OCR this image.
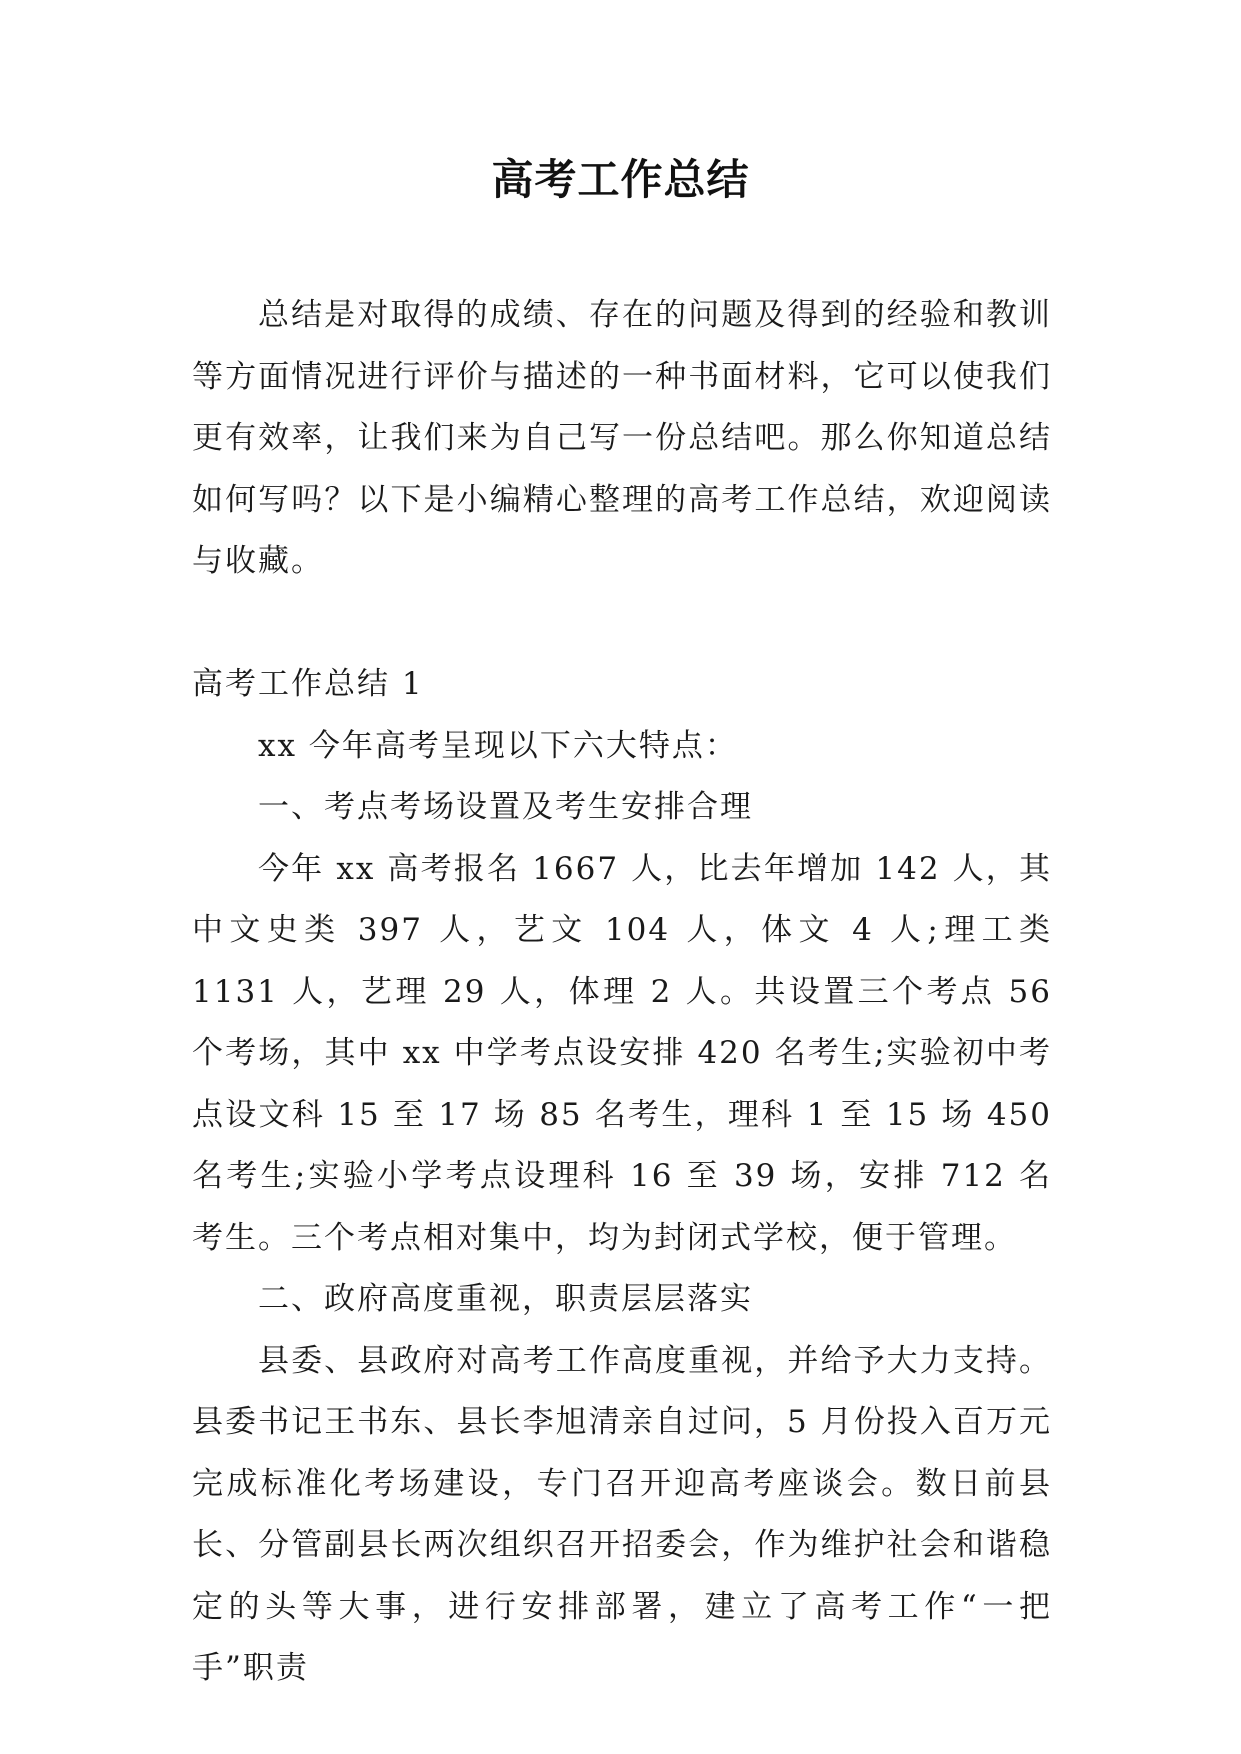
高考工作总结

总结是对取得的成绩、存在的问题及得到的经验和教训等方面情况进行评价与描述的一种书面材料，它可以使我们更有效率，让我们来为自己写一份总结吧。那么你知道总结如何写吗？以下是小编精心整理的高考工作总结，欢迎阅读与收藏。

高考工作总结 1

xx 今年高考呈现以下六大特点：

一、考点考场设置及考生安排合理

今年 xx 高考报名 1667 人，比去年增加 142 人，其中文史类 397 人，艺文 104 人，体文 4 人;理工类 1131 人，艺理 29 人，体理 2 人。共设置三个考点 56 个考场，其中 xx 中学考点设安排 420 名考生;实验初中考点设文科 15 至 17 场 85 名考生，理科 1 至 15 场 450 名考生;实验小学考点设理科 16 至 39 场，安排 712 名考生。三个考点相对集中，均为封闭式学校，便于管理。

二、政府高度重视，职责层层落实

县委、县政府对高考工作高度重视，并给予大力支持。县委书记王书东、县长李旭清亲自过问，5 月份投入百万元完成标准化考场建设，专门召开迎高考座谈会。数日前县长、分管副县长两次组织召开招委会，作为维护社会和谐稳定的头等大事，进行安排部署，建立了高考工作“一把手”职责
